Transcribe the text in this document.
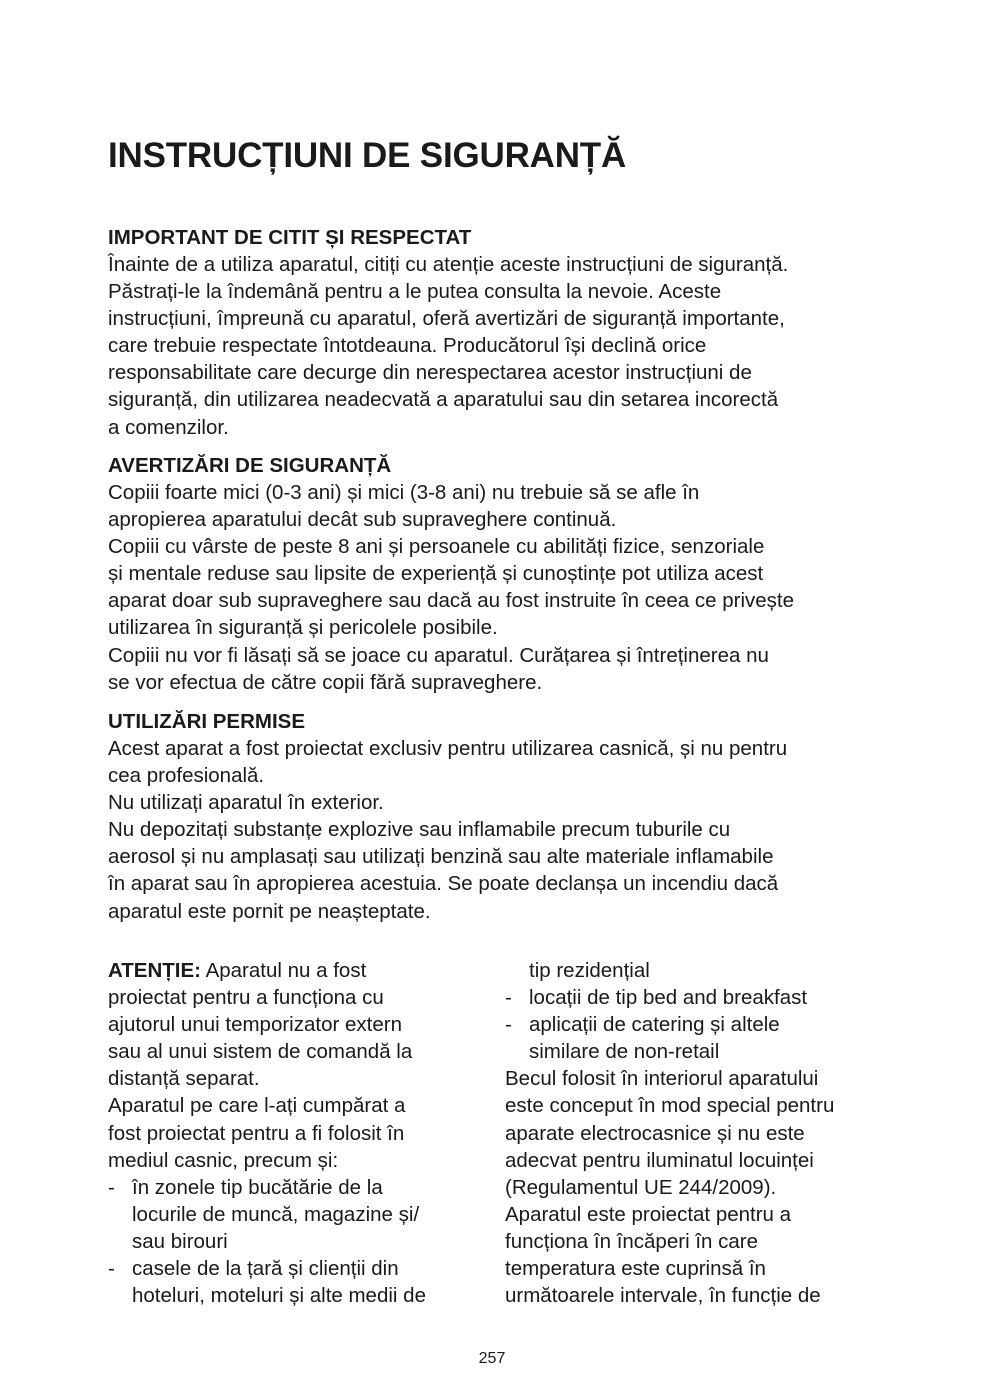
INSTRUCȚIUNI DE SIGURANȚĂ
IMPORTANT DE CITIT ȘI RESPECTAT

Înainte de a utiliza aparatul, citiți cu atenție aceste instrucțiuni de siguranță.
Păstrați-le la îndemână pentru a le putea consulta la nevoie. Aceste
instrucțiuni, împreună cu aparatul, oferă avertizări de siguranță importante,
care trebuie respectate întotdeauna. Producătorul își declină orice
responsabilitate care decurge din nerespectarea acestor instrucțiuni de
siguranță, din utilizarea neadecvată a aparatului sau din setarea incorectă
a comenzilor.

AVERTIZĂRI DE SIGURANȚĂ

Copiii foarte mici (0-3 ani) și mici (3-8 ani) nu trebuie să se afle în
apropierea aparatului decât sub supraveghere continuă.
Copiii cu vârste de peste 8 ani și persoanele cu abilități fizice, senzoriale
și mentale reduse sau lipsite de experiență și cunoștințe pot utiliza acest
aparat doar sub supraveghere sau dacă au fost instruite în ceea ce privește
utilizarea în siguranță și pericolele posibile.
Copiii nu vor fi lăsați să se joace cu aparatul. Curățarea și întreținerea nu
se vor efectua de către copii fără supraveghere.

UTILIZĂRI PERMISE

Acest aparat a fost proiectat exclusiv pentru utilizarea casnică, și nu pentru
cea profesională.
Nu utilizați aparatul în exterior.
Nu depozitați substanțe explozive sau inflamabile precum tuburile cu
aerosol și nu amplasați sau utilizați benzină sau alte materiale inflamabile
în aparat sau în apropierea acestuia. Se poate declanșa un incendiu dacă
aparatul este pornit pe neașteptate.

ATENȚIE: Aparatul nu a fost
proiectat pentru a funcționa cu
ajutorul unui temporizator extern
sau al unui sistem de comandă la
distanță separat.
Aparatul pe care l-ați cumpărat a
fost proiectat pentru a fi folosit în
mediul casnic, precum și:

- în zonele tip bucătărie de la
locurile de muncă, magazine și/
sau birouri
- casele de la țară și clienții din
hoteluri, moteluri și alte medii de
tip rezidențial
- locații de tip bed and breakfast
- aplicații de catering și altele
similare de non-retail

Becul folosit în interiorul aparatului
este conceput în mod special pentru
aparate electrocasnice și nu este
adecvat pentru iluminatul locuinței
(Regulamentul UE 244/2009).
Aparatul este proiectat pentru a
funcționa în încăperi în care
temperatura este cuprinsă în
următoarele intervale, în funcție de

257
